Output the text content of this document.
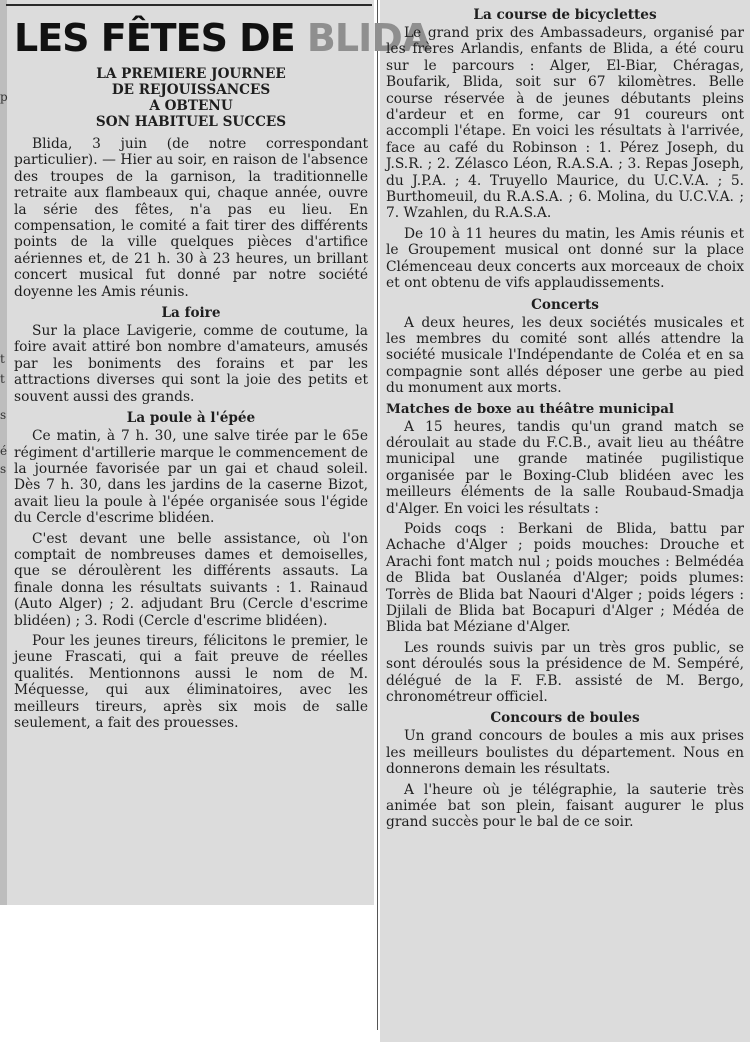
p
t
t
s
é
s
LES FÊTES DE BLIDA
LA PREMIERE JOURNEE
DE REJOUISSANCES
A OBTENU
SON HABITUEL SUCCES

Blida, 3 juin (de notre correspondant particulier). — Hier au soir, en raison de l'absence des troupes de la garnison, la traditionnelle retraite aux flambeaux qui, chaque année, ouvre la série des fêtes, n'a pas eu lieu. En compensation, le comité a fait tirer des différents points de la ville quelques pièces d'artifice aériennes et, de 21 h. 30 à 23 heures, un brillant concert musical fut donné par notre société doyenne les Amis réunis.

La foire

Sur la place Lavigerie, comme de coutume, la foire avait attiré bon nombre d'amateurs, amusés par les boniments des forains et par les attractions diverses qui sont la joie des petits et souvent aussi des grands.

La poule à l'épée

Ce matin, à 7 h. 30, une salve tirée par le 65e régiment d'artillerie marque le commencement de la journée favorisée par un gai et chaud soleil. Dès 7 h. 30, dans les jardins de la caserne Bizot, avait lieu la poule à l'épée organisée sous l'égide du Cercle d'escrime blidéen.

C'est devant une belle assistance, où l'on comptait de nombreuses dames et demoiselles, que se déroulèrent les différents assauts. La finale donna les résultats suivants : 1. Rainaud (Auto Alger) ; 2. adjudant Bru (Cercle d'escrime blidéen) ; 3. Rodi (Cercle d'escrime blidéen).

Pour les jeunes tireurs, félicitons le premier, le jeune Frascati, qui a fait preuve de réelles qualités. Mentionnons aussi le nom de M. Méquesse, qui aux éliminatoires, avec les meilleurs tireurs, après six mois de salle seulement, a fait des prouesses.

La course de bicyclettes

Le grand prix des Ambassadeurs, organisé par les frères Arlandis, enfants de Blida, a été couru sur le parcours : Alger, El-Biar, Chéragas, Boufarik, Blida, soit sur 67 kilomètres. Belle course réservée à de jeunes débutants pleins d'ardeur et en forme, car 91 coureurs ont accompli l'étape. En voici les résultats à l'arrivée, face au café du Robinson : 1. Pérez Joseph, du J.S.R. ; 2. Zélasco Léon, R.A.S.A. ; 3. Repas Joseph, du J.P.A. ; 4. Truyello Maurice, du U.C.V.A. ; 5. Burthomeuil, du R.A.S.A. ; 6. Molina, du U.C.V.A. ; 7. Wzahlen, du R.A.S.A.

De 10 à 11 heures du matin, les Amis réunis et le Groupement musical ont donné sur la place Clémenceau deux concerts aux morceaux de choix et ont obtenu de vifs applaudissements.

Concerts

A deux heures, les deux sociétés musicales et les membres du comité sont allés attendre la société musicale l'Indépendante de Coléa et en sa compagnie sont allés déposer une gerbe au pied du monument aux morts.

Matches de boxe au théâtre municipal

A 15 heures, tandis qu'un grand match se déroulait au stade du F.C.B., avait lieu au théâtre municipal une grande matinée pugilistique organisée par le Boxing-Club blidéen avec les meilleurs éléments de la salle Roubaud-Smadja d'Alger. En voici les résultats :

Poids coqs : Berkani de Blida, battu par Achache d'Alger ; poids mouches: Drouche et Arachi font match nul ; poids mouches : Belmédéa de Blida bat Ouslanéa d'Alger; poids plumes: Torrès de Blida bat Naouri d'Alger ; poids légers : Djilali de Blida bat Bocapuri d'Alger ; Médéa de Blida bat Méziane d'Alger.

Les rounds suivis par un très gros public, se sont déroulés sous la présidence de M. Sempéré, délégué de la F. F.B. assisté de M. Bergo, chronométreur officiel.

Concours de boules

Un grand concours de boules a mis aux prises les meilleurs boulistes du département. Nous en donnerons demain les résultats.

A l'heure où je télégraphie, la sauterie très animée bat son plein, faisant augurer le plus grand succès pour le bal de ce soir.
